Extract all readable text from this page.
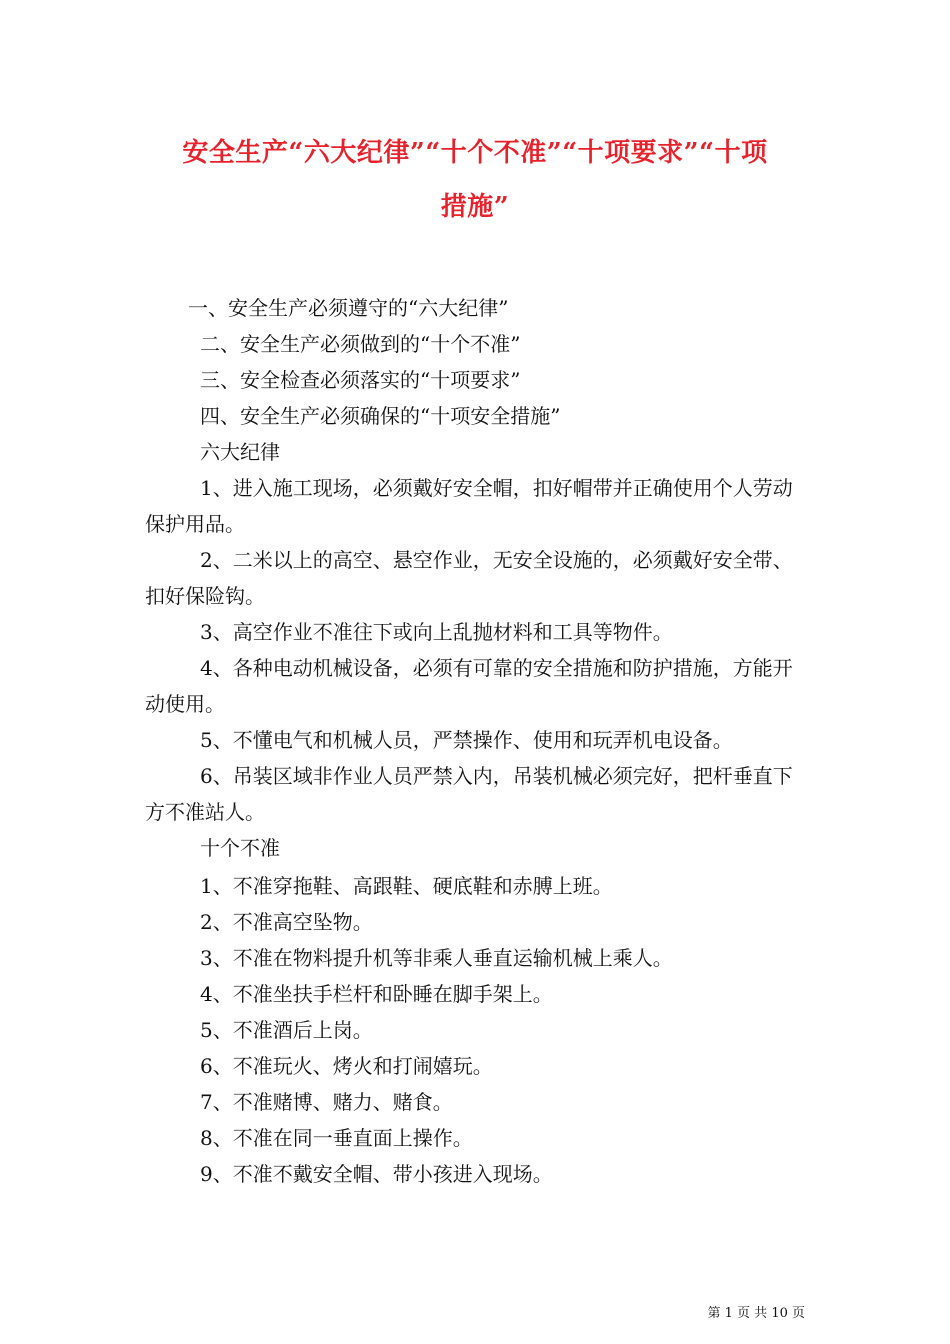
安全生产“六大纪律”“十个不准”“十项要求”“十项
措施”
一、安全生产必须遵守的“六大纪律”
二、安全生产必须做到的“十个不准”
三、安全检查必须落实的“十项要求”
四、安全生产必须确保的“十项安全措施”
六大纪律
1、进入施工现场，必须戴好安全帽，扣好帽带并正确使用个人劳动保护用品。
2、二米以上的高空、悬空作业，无安全设施的，必须戴好安全带、扣好保险钩。
3、高空作业不准往下或向上乱抛材料和工具等物件。
4、各种电动机械设备，必须有可靠的安全措施和防护措施，方能开动使用。
5、不懂电气和机械人员，严禁操作、使用和玩弄机电设备。
6、吊装区域非作业人员严禁入内，吊装机械必须完好，把杆垂直下方不准站人。
十个不准
1、不准穿拖鞋、高跟鞋、硬底鞋和赤膊上班。
2、不准高空坠物。
3、不准在物料提升机等非乘人垂直运输机械上乘人。
4、不准坐扶手栏杆和卧睡在脚手架上。
5、不准酒后上岗。
6、不准玩火、烤火和打闹嬉玩。
7、不准赌博、赌力、赌食。
8、不准在同一垂直面上操作。
9、不准不戴安全帽、带小孩进入现场。
第 1 页 共 10 页
